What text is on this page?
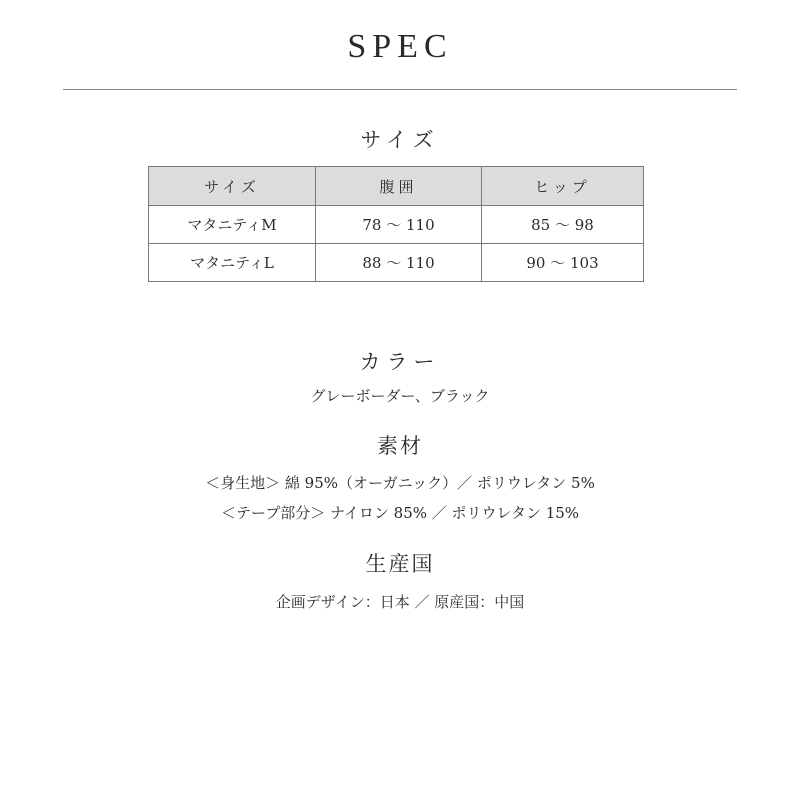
SPEC
サイズ
サイズ	腹囲	ヒップ
マタニティM	78 ～ 110	85 ～ 98
マタニティL	88 ～ 110	90 ～ 103
カラー
グレーボーダー、ブラック
素材
＜身生地＞ 綿 95%（オーガニック）／ ポリウレタン 5%
＜テープ部分＞ ナイロン 85% ／ ポリウレタン 15%
生産国
企画デザイン：日本 ／ 原産国：中国
